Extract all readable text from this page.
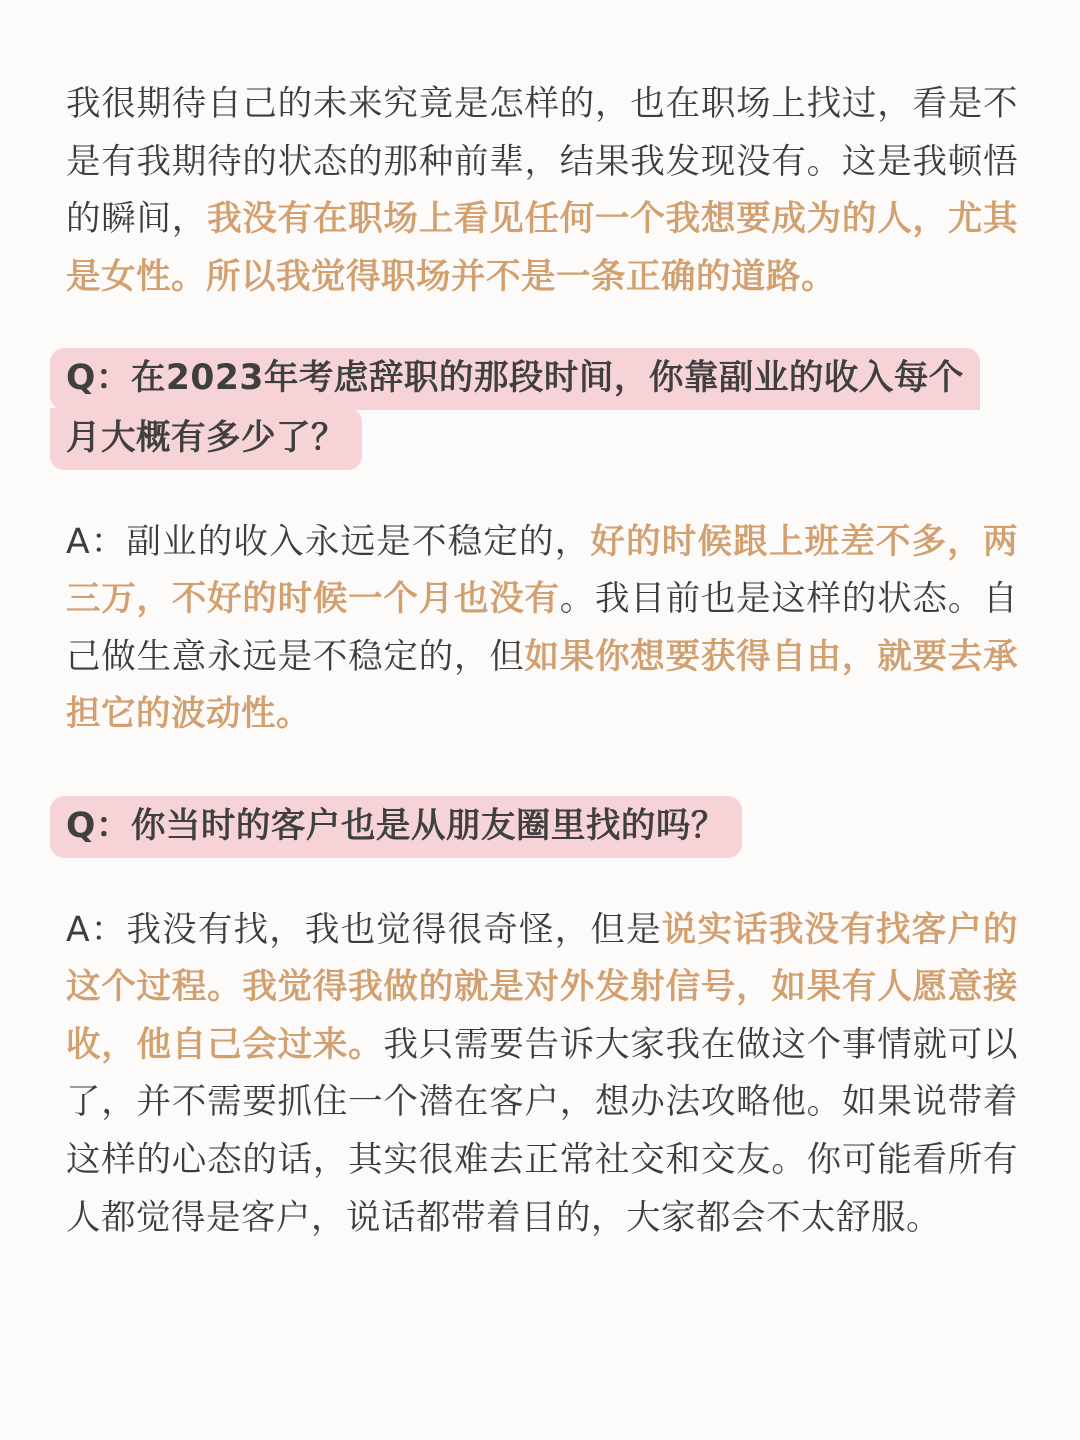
我很期待自己的未来究竟是怎样的，也在职场上找过，看是不是有我期待的状态的那种前辈，结果我发现没有。这是我顿悟的瞬间，我没有在职场上看见任何一个我想要成为的人，尤其是女性。所以我觉得职场并不是一条正确的道路。

Q：在2023年考虑辞职的那段时间，你靠副业的收入每个
月大概有多少了？

A：副业的收入永远是不稳定的，好的时候跟上班差不多，两三万，不好的时候一个月也没有。我目前也是这样的状态。自己做生意永远是不稳定的，但如果你想要获得自由，就要去承担它的波动性。

Q：你当时的客户也是从朋友圈里找的吗？

A：我没有找，我也觉得很奇怪，但是说实话我没有找客户的这个过程。我觉得我做的就是对外发射信号，如果有人愿意接收，他自己会过来。我只需要告诉大家我在做这个事情就可以了，并不需要抓住一个潜在客户，想办法攻略他。如果说带着这样的心态的话，其实很难去正常社交和交友。你可能看所有人都觉得是客户，说话都带着目的，大家都会不太舒服。
